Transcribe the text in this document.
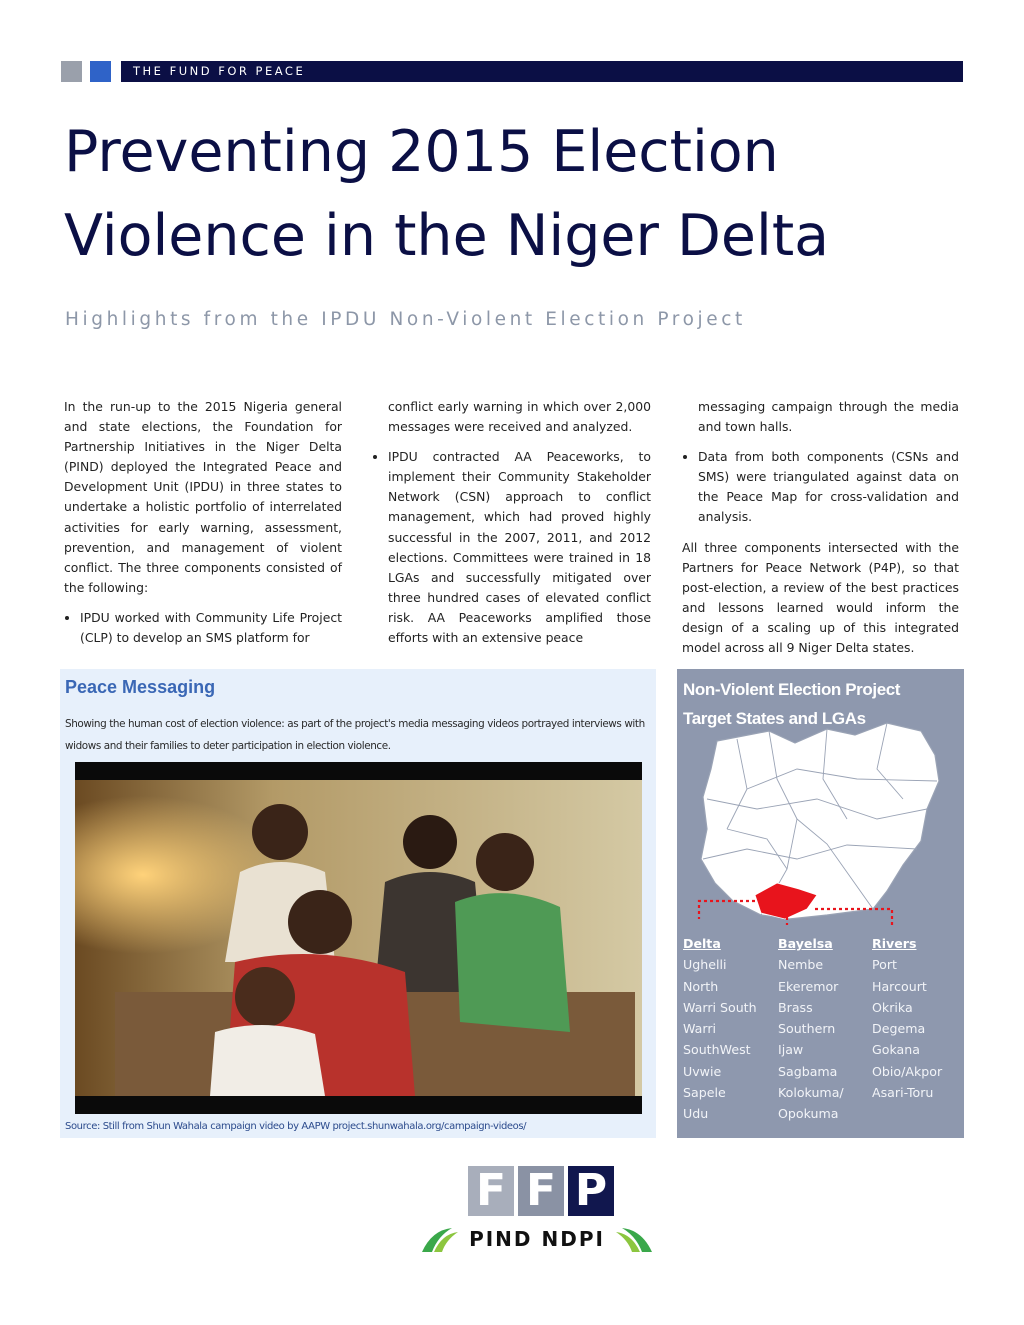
THE FUND FOR PEACE
Preventing 2015 Election Violence in the Niger Delta
Highlights from the IPDU Non-Violent Election Project

In the run-up to the 2015 Nigeria general and state elections, the Foundation for Partnership Initiatives in the Niger Delta (PIND) deployed the Integrated Peace and Development Unit (IPDU) in three states to undertake a holistic portfolio of interrelated activities for early warning, assessment, prevention, and management of violent conflict. The three components consisted of the following:

• IPDU worked with Community Life Project (CLP) to develop an SMS platform for
conflict early warning in which over 2,000 messages were received and analyzed.
• IPDU contracted AA Peaceworks, to implement their Community Stakeholder Network (CSN) approach to conflict management, which had proved highly successful in the 2007, 2011, and 2012 elections. Committees were trained in 18 LGAs and successfully mitigated over three hundred cases of elevated conflict risk. AA Peaceworks amplified those efforts with an extensive peace
messaging campaign through the media and town halls.
• Data from both components (CSNs and SMS) were triangulated against data on the Peace Map for cross-validation and analysis.

All three components intersected with the Partners for Peace Network (P4P), so that post-election, a review of the best practices and lessons learned would inform the design of a scaling up of this integrated model across all 9 Niger Delta states.

Peace Messaging
Showing the human cost of election violence: as part of the project's media messaging videos portrayed interviews with widows and their families to deter participation in election violence.
Source: Still from Shun Wahala campaign video by AAPW project.shunwahala.org/campaign-videos/
Non-Violent Election Project
Target States and LGAs
Delta
Ughelli
North
Warri South
Warri
SouthWest
Uvwie
Sapele
Udu
Bayelsa
Nembe
Ekeremor
Brass
Southern
Ijaw
Sagbama
Kolokuma/
Opokuma
Rivers
Port
Harcourt
Okrika
Degema
Gokana
Obio/Akpor
Asari-Toru
F F P
PIND NDPI
